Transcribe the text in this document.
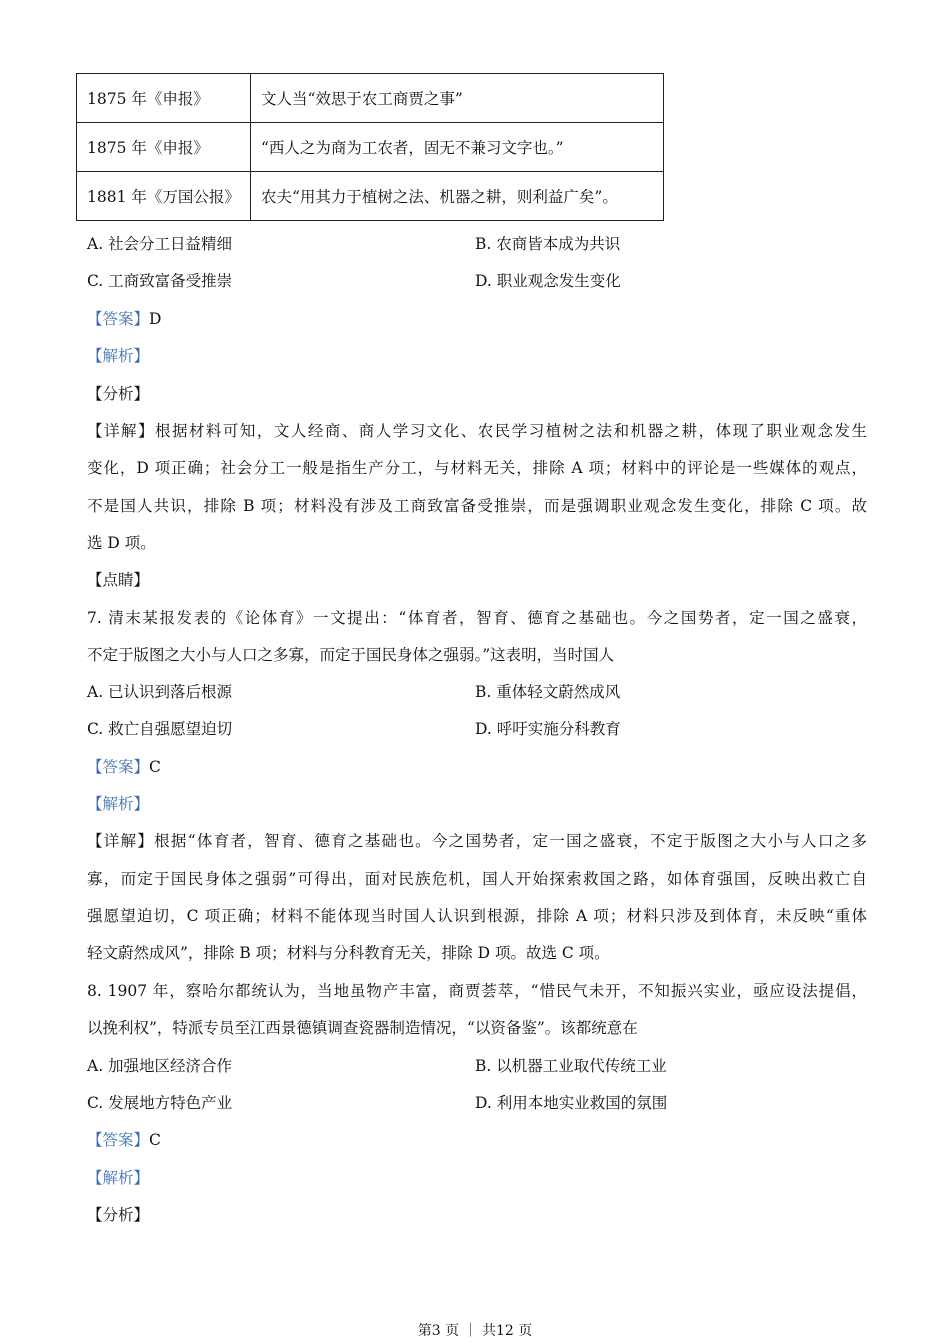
1875 年《申报》	文人当“效思于农工商贾之事”
1875 年《申报》	“西人之为商为工农者，固无不兼习文字也。”
1881 年《万国公报》	农夫“用其力于植树之法、机器之耕，则利益广矣”。
A. 社会分工日益精细	B. 农商皆本成为共识
C. 工商致富备受推崇	D. 职业观念发生变化
【答案】D
【解析】
【分析】
【详解】根据材料可知，文人经商、商人学习文化、农民学习植树之法和机器之耕，体现了职业观念发生
变化，D 项正确；社会分工一般是指生产分工，与材料无关，排除 A 项；材料中的评论是一些媒体的观点，
不是国人共识，排除 B 项；材料没有涉及工商致富备受推崇，而是强调职业观念发生变化，排除 C 项。故
选 D 项。
【点睛】
7. 清末某报发表的《论体育》一文提出：“体育者，智育、德育之基础也。今之国势者，定一国之盛衰，
不定于版图之大小与人口之多寡，而定于国民身体之强弱。”这表明，当时国人
A. 已认识到落后根源	B. 重体轻文蔚然成风
C. 救亡自强愿望迫切	D. 呼吁实施分科教育
【答案】C
【解析】
【详解】根据“体育者，智育、德育之基础也。今之国势者，定一国之盛衰，不定于版图之大小与人口之多
寡，而定于国民身体之强弱”可得出，面对民族危机，国人开始探索救国之路，如体育强国，反映出救亡自
强愿望迫切，C 项正确；材料不能体现当时国人认识到根源，排除 A 项；材料只涉及到体育，未反映“重体
轻文蔚然成风”，排除 B 项；材料与分科教育无关，排除 D 项。故选 C 项。
8. 1907 年，察哈尔都统认为，当地虽物产丰富，商贾荟萃，“惜民气未开，不知振兴实业，亟应设法提倡，
以挽利权”，特派专员至江西景德镇调查瓷器制造情况，“以资备鉴”。该都统意在
A. 加强地区经济合作	B. 以机器工业取代传统工业
C. 发展地方特色产业	D. 利用本地实业救国的氛围
【答案】C
【解析】
【分析】
第3 页 ｜ 共12 页
